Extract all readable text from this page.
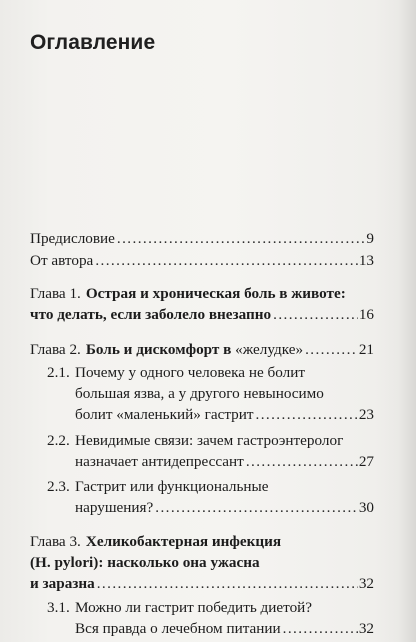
Оглавление
Предисловие . . .	9
От автора . . .	13
Глава 1. Острая и хроническая боль в животе:
что делать, если заболело внезапно . . .	16
Глава 2. Боль и дискомфорт в «желудке» . . .	21
2.1. Почему у одного человека не болит
большая язва, а у другого невыносимо
болит «маленький» гастрит . . .	23
2.2. Невидимые связи: зачем гастроэнтеролог
назначает антидепрессант . . .	27
2.3. Гастрит или функциональные
нарушения? . . .	30
Глава 3. Хеликобактерная инфекция
(H. pylori): насколько она ужасна
и заразна . . .	32
3.1. Можно ли гастрит победить диетой?
Вся правда о лечебном питании . . .	32
